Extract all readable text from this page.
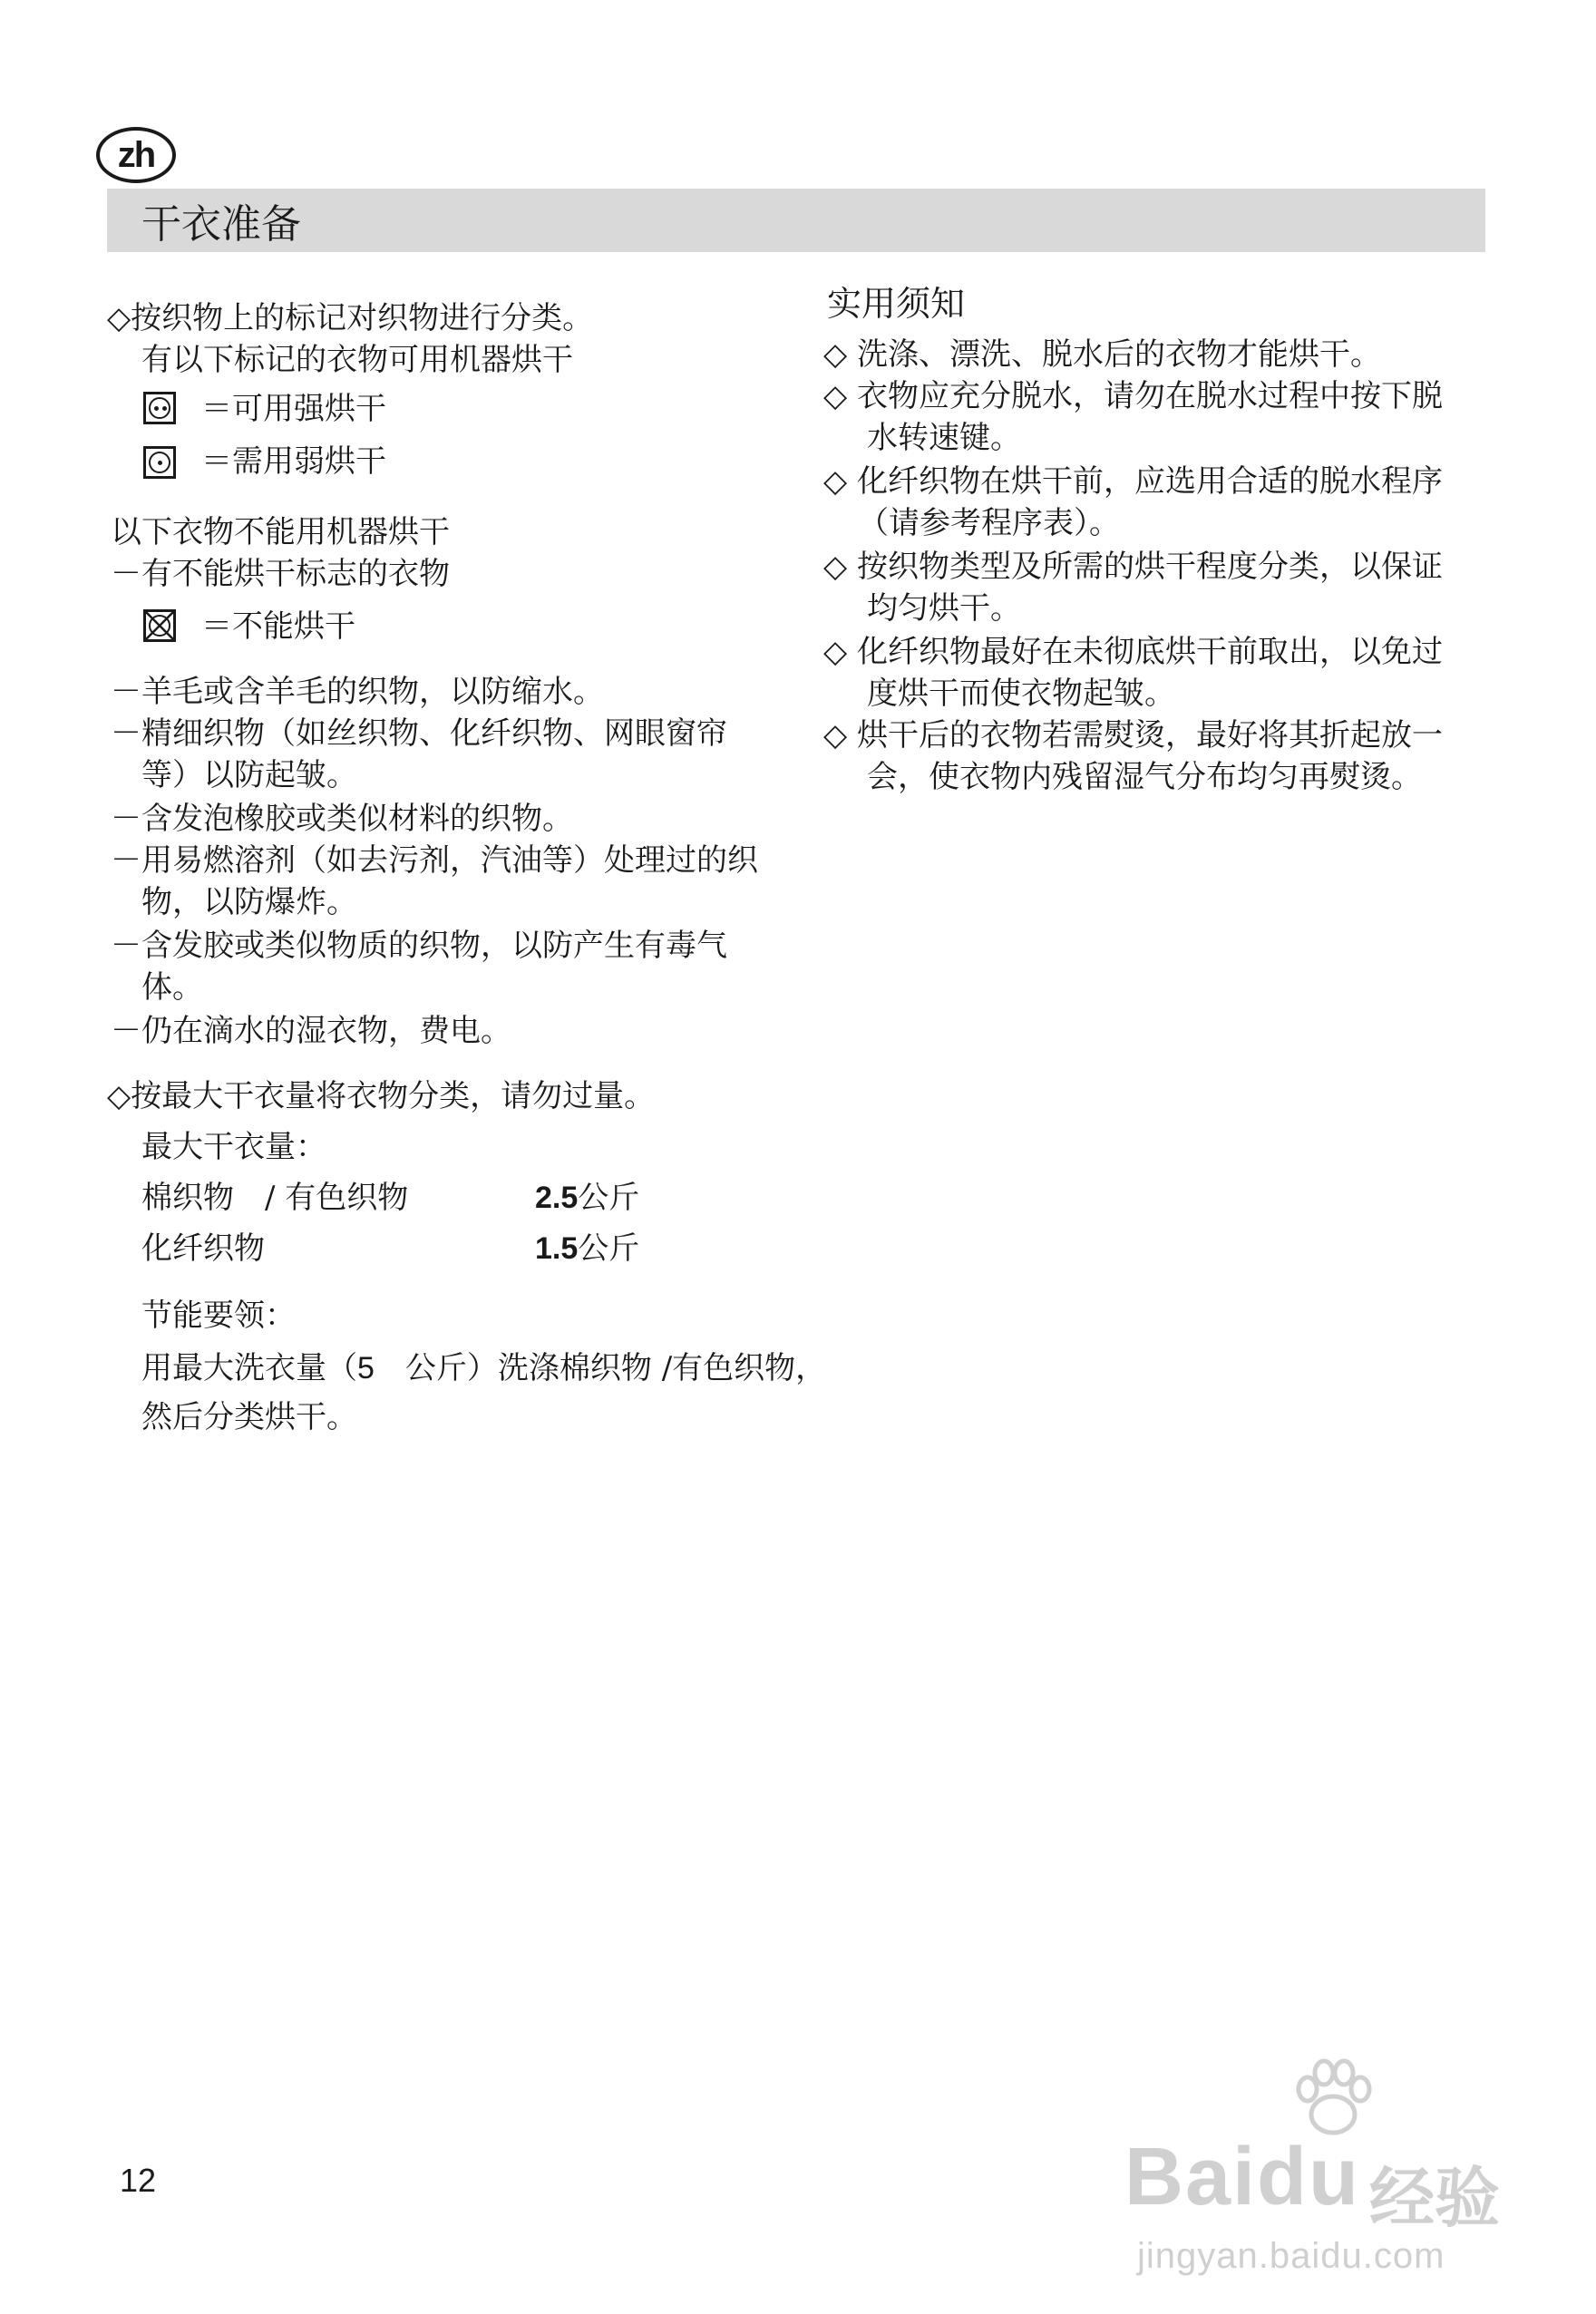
zh
干衣准备
◇按织物上的标记对织物进行分类。
有以下标记的衣物可用机器烘干
＝可用强烘干
＝需用弱烘干
以下衣物不能用机器烘干
－有不能烘干标志的衣物
＝不能烘干
－羊毛或含羊毛的织物，以防缩水。
－精细织物（如丝织物、化纤织物、网眼窗帘
等）以防起皱。
－含发泡橡胶或类似材料的织物。
－用易燃溶剂（如去污剂，汽油等）处理过的织
物，以防爆炸。
－含发胶或类似物质的织物，以防产生有毒气
体。
－仍在滴水的湿衣物，费电。
◇按最大干衣量将衣物分类，请勿过量。
最大干衣量：
棉织物　/ 有色织物	2.5公斤
化纤织物	1.5公斤
节能要领：
用最大洗衣量（5　公斤）洗涤棉织物 /有色织物，
然后分类烘干。
实用须知
◇ 洗涤、漂洗、脱水后的衣物才能烘干。
◇ 衣物应充分脱水，请勿在脱水过程中按下脱
水转速键。
◇ 化纤织物在烘干前，应选用合适的脱水程序
（请参考程序表）。
◇ 按织物类型及所需的烘干程度分类，以保证
均匀烘干。
◇ 化纤织物最好在未彻底烘干前取出，以免过
度烘干而使衣物起皱。
◇ 烘干后的衣物若需熨烫，最好将其折起放一
会，使衣物内残留湿气分布均匀再熨烫。
12	Baidu 经验
jingyan.baidu.com
